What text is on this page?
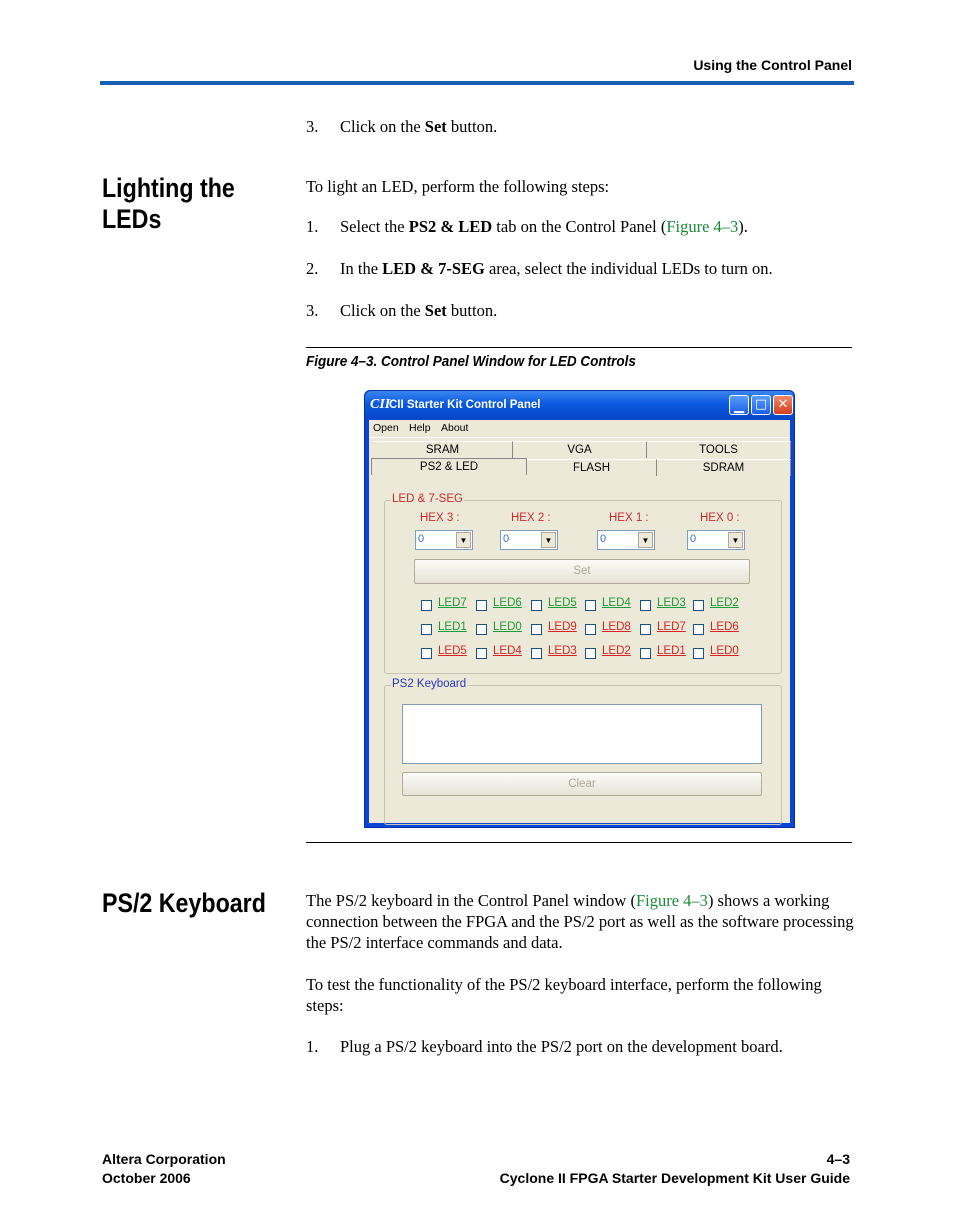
Using the Control Panel
3. Click on the Set button.
Lighting the LEDs
To light an LED, perform the following steps:
1. Select the PS2 & LED tab on the Control Panel (Figure 4–3).
2. In the LED & 7-SEG area, select the individual LEDs to turn on.
3. Click on the Set button.
Figure 4–3. Control Panel Window for LED Controls
CII
CII Starter Kit Control Panel	▁ □ ✕
Open Help About
SRAM	VGA	TOOLS
PS2 & LED	FLASH	SDRAM
LED & 7-SEG
HEX 3 :	HEX 2 :	HEX 1 :	HEX 0 :
0	▼	0	▼	0	▼	0	▼
Set
LED7 LED6 LED5 LED4 LED3 LED2
LED1 LED0 LED9 LED8 LED7 LED6
LED5 LED4 LED3 LED2 LED1 LED0
PS2 Keyboard
Clear
PS/2 Keyboard	The PS/2 keyboard in the Control Panel window (Figure 4–3) shows a working connection between the FPGA and the PS/2 port as well as the software processing the PS/2 interface commands and data.
To test the functionality of the PS/2 keyboard interface, perform the following steps:
1. Plug a PS/2 keyboard into the PS/2 port on the development board.
Altera Corporation
October 2006
4–3
Cyclone II FPGA Starter Development Kit User Guide
